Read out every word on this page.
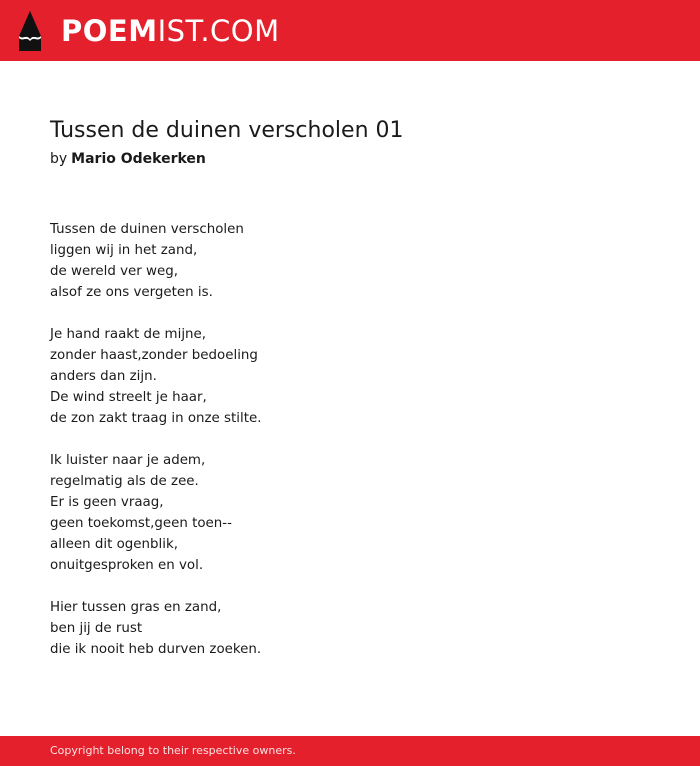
POEMIST.COM
Tussen de duinen verscholen 01
by Mario Odekerken
Tussen de duinen verscholen
liggen wij in het zand,
de wereld ver weg,
alsof ze ons vergeten is.
Je hand raakt de mijne,
zonder haast,zonder bedoeling
anders dan zijn.
De wind streelt je haar,
de zon zakt traag in onze stilte.
Ik luister naar je adem,
regelmatig als de zee.
Er is geen vraag,
geen toekomst,geen toen--
alleen dit ogenblik,
onuitgesproken en vol.
Hier tussen gras en zand,
ben jij de rust
die ik nooit heb durven zoeken.
Copyright belong to their respective owners.
